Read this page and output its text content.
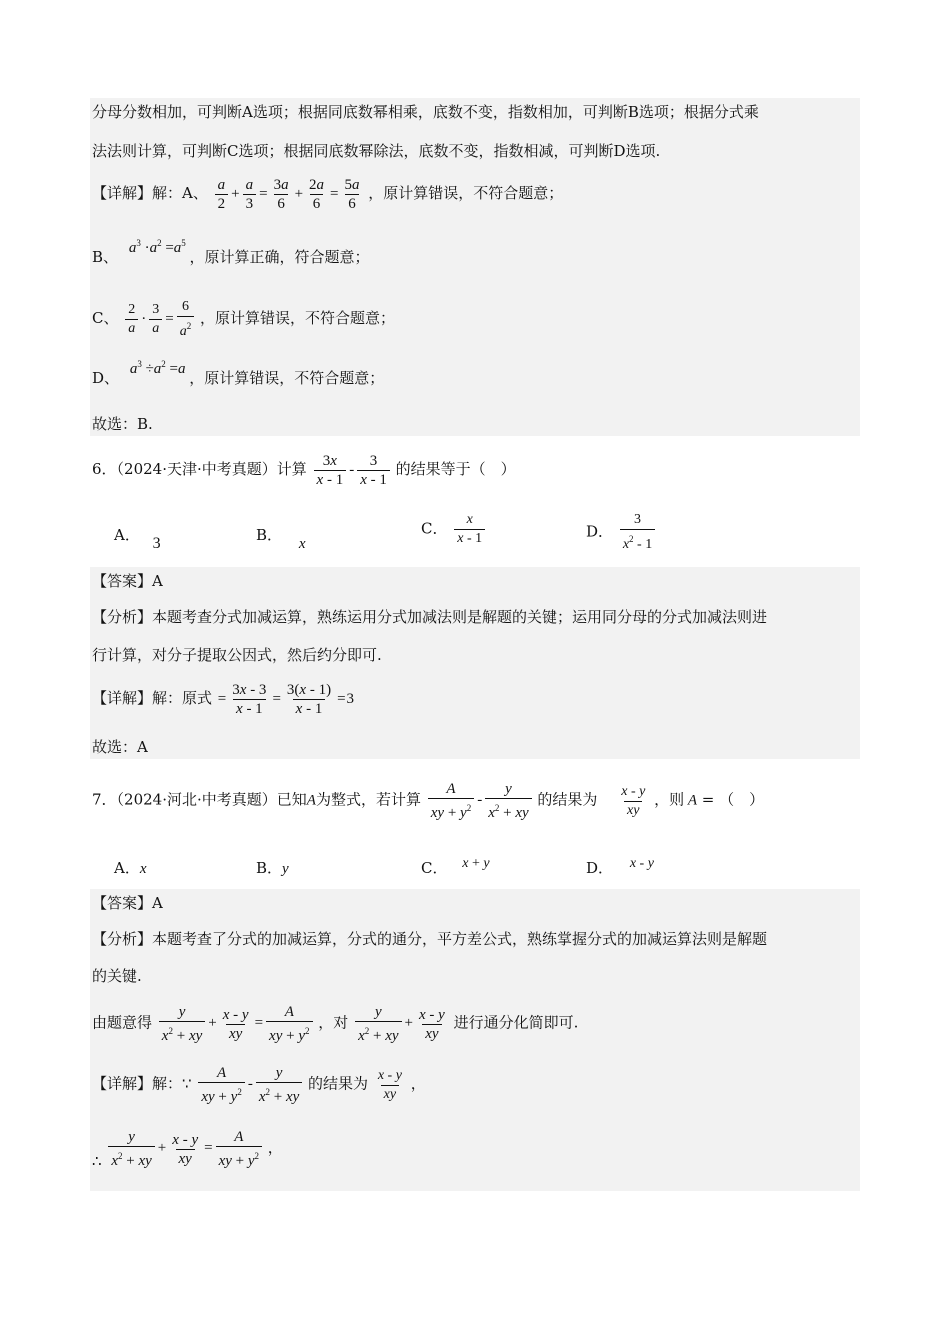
分母分数相加，可判断A选项；根据同底数幂相乘，底数不变，指数相加，可判断B选项；根据分式乘
法法则计算，可判断C选项；根据同底数幂除法，底数不变，指数相减，可判断D选项.
【详解】解：A、 $\frac{a}{2} + \frac{a}{3} = \frac{3a}{6} + \frac{2a}{6} = \frac{5a}{6}$ ，原计算错误，不符合题意；
B、 $a^3 \cdot a^2 =a^5$ ，原计算正确，符合题意；
C、 $\frac{2}{a} \cdot \frac{3}{a} = \frac{6}{a^2}$ ，原计算错误，不符合题意；
D、 $a^3 \div a^2 =a$ ，原计算错误，不符合题意；
故选：B.
6．（2024·天津·中考真题）计算 $\frac{3x}{x - 1} - \frac{3}{x - 1}$ 的结果等于（　）
A． 3	B． x
C． $\frac{x}{x - 1}$	D． $\frac{3}{x^2 - 1}$
【答案】A
【分析】本题考查分式加减运算，熟练运用分式加减法则是解题的关键；运用同分母的分式加减法则进
行计算，对分子提取公因式，然后约分即可.
【详解】解：原式 = $\frac{3x - 3}{x - 1} = \frac{3(x - 1)}{x - 1} =3$
故选：A
7．（2024·河北·中考真题）已知A为整式，若计算 $\frac{A}{xy + y^2} - \frac{y}{x^2 + xy}$ 的结果为 $\frac{x - y}{xy}$ ，则 A = （　）
A．x	B．y	C． x + y	D． x - y
【答案】A
【分析】本题考查了分式的加减运算，分式的通分，平方差公式，熟练掌握分式的加减运算法则是解题
的关键.
由题意得 $\frac{y}{x^2 + xy} + \frac{x - y}{xy} = \frac{A}{xy + y^2}$ ，对 $\frac{y}{x^2 + xy} + \frac{x - y}{xy}$ 进行通分化简即可.
【详解】解：∵ $\frac{A}{xy + y^2} - \frac{y}{x^2 + xy}$ 的结果为 $\frac{x - y}{xy}$ ，
∴ $\frac{y}{x^2 + xy} + \frac{x - y}{xy} = \frac{A}{xy + y^2}$ ，
